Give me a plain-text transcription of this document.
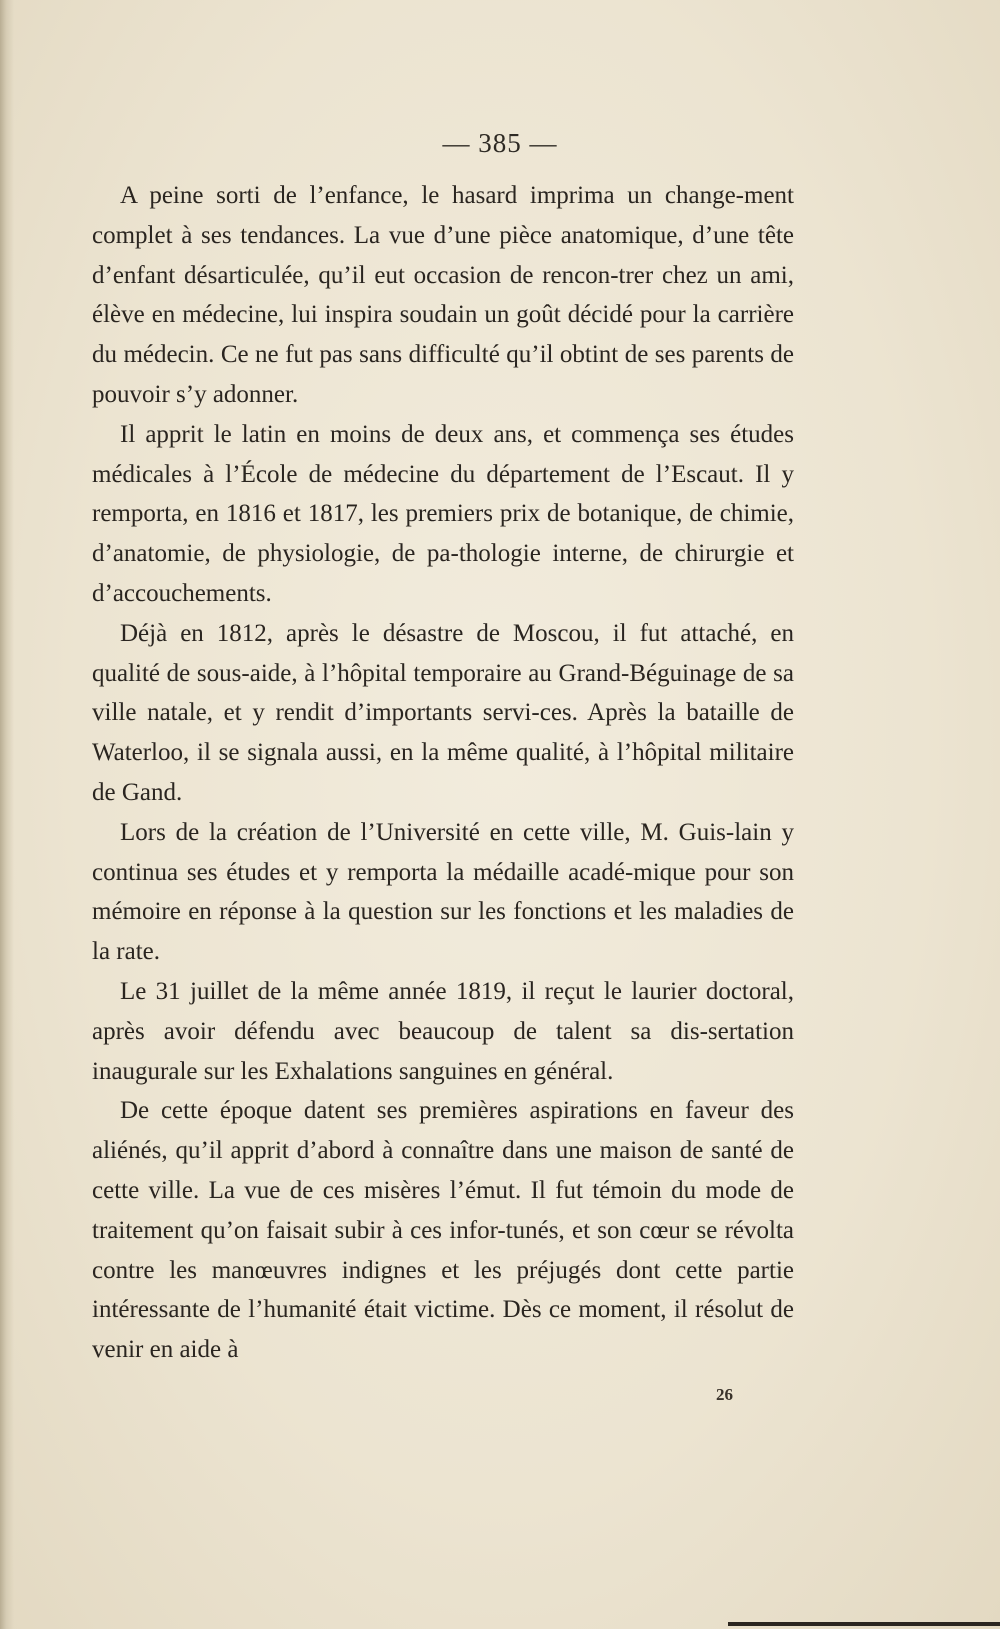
— 385 —

A peine sorti de l’enfance, le hasard imprima un change-ment complet à ses tendances. La vue d’une pièce anatomique, d’une tête d’enfant désarticulée, qu’il eut occasion de rencon-trer chez un ami, élève en médecine, lui inspira soudain un goût décidé pour la carrière du médecin. Ce ne fut pas sans difficulté qu’il obtint de ses parents de pouvoir s’y adonner.

Il apprit le latin en moins de deux ans, et commença ses études médicales à l’École de médecine du département de l’Escaut. Il y remporta, en 1816 et 1817, les premiers prix de botanique, de chimie, d’anatomie, de physiologie, de pa-thologie interne, de chirurgie et d’accouchements.

Déjà en 1812, après le désastre de Moscou, il fut attaché, en qualité de sous-aide, à l’hôpital temporaire au Grand-Béguinage de sa ville natale, et y rendit d’importants servi-ces. Après la bataille de Waterloo, il se signala aussi, en la même qualité, à l’hôpital militaire de Gand.

Lors de la création de l’Université en cette ville, M. Guis-lain y continua ses études et y remporta la médaille acadé-mique pour son mémoire en réponse à la question sur les fonctions et les maladies de la rate.

Le 31 juillet de la même année 1819, il reçut le laurier doctoral, après avoir défendu avec beaucoup de talent sa dis-sertation inaugurale sur les Exhalations sanguines en général.

De cette époque datent ses premières aspirations en faveur des aliénés, qu’il apprit d’abord à connaître dans une maison de santé de cette ville. La vue de ces misères l’émut. Il fut témoin du mode de traitement qu’on faisait subir à ces infor-tunés, et son cœur se révolta contre les manœuvres indignes et les préjugés dont cette partie intéressante de l’humanité était victime. Dès ce moment, il résolut de venir en aide à

26
